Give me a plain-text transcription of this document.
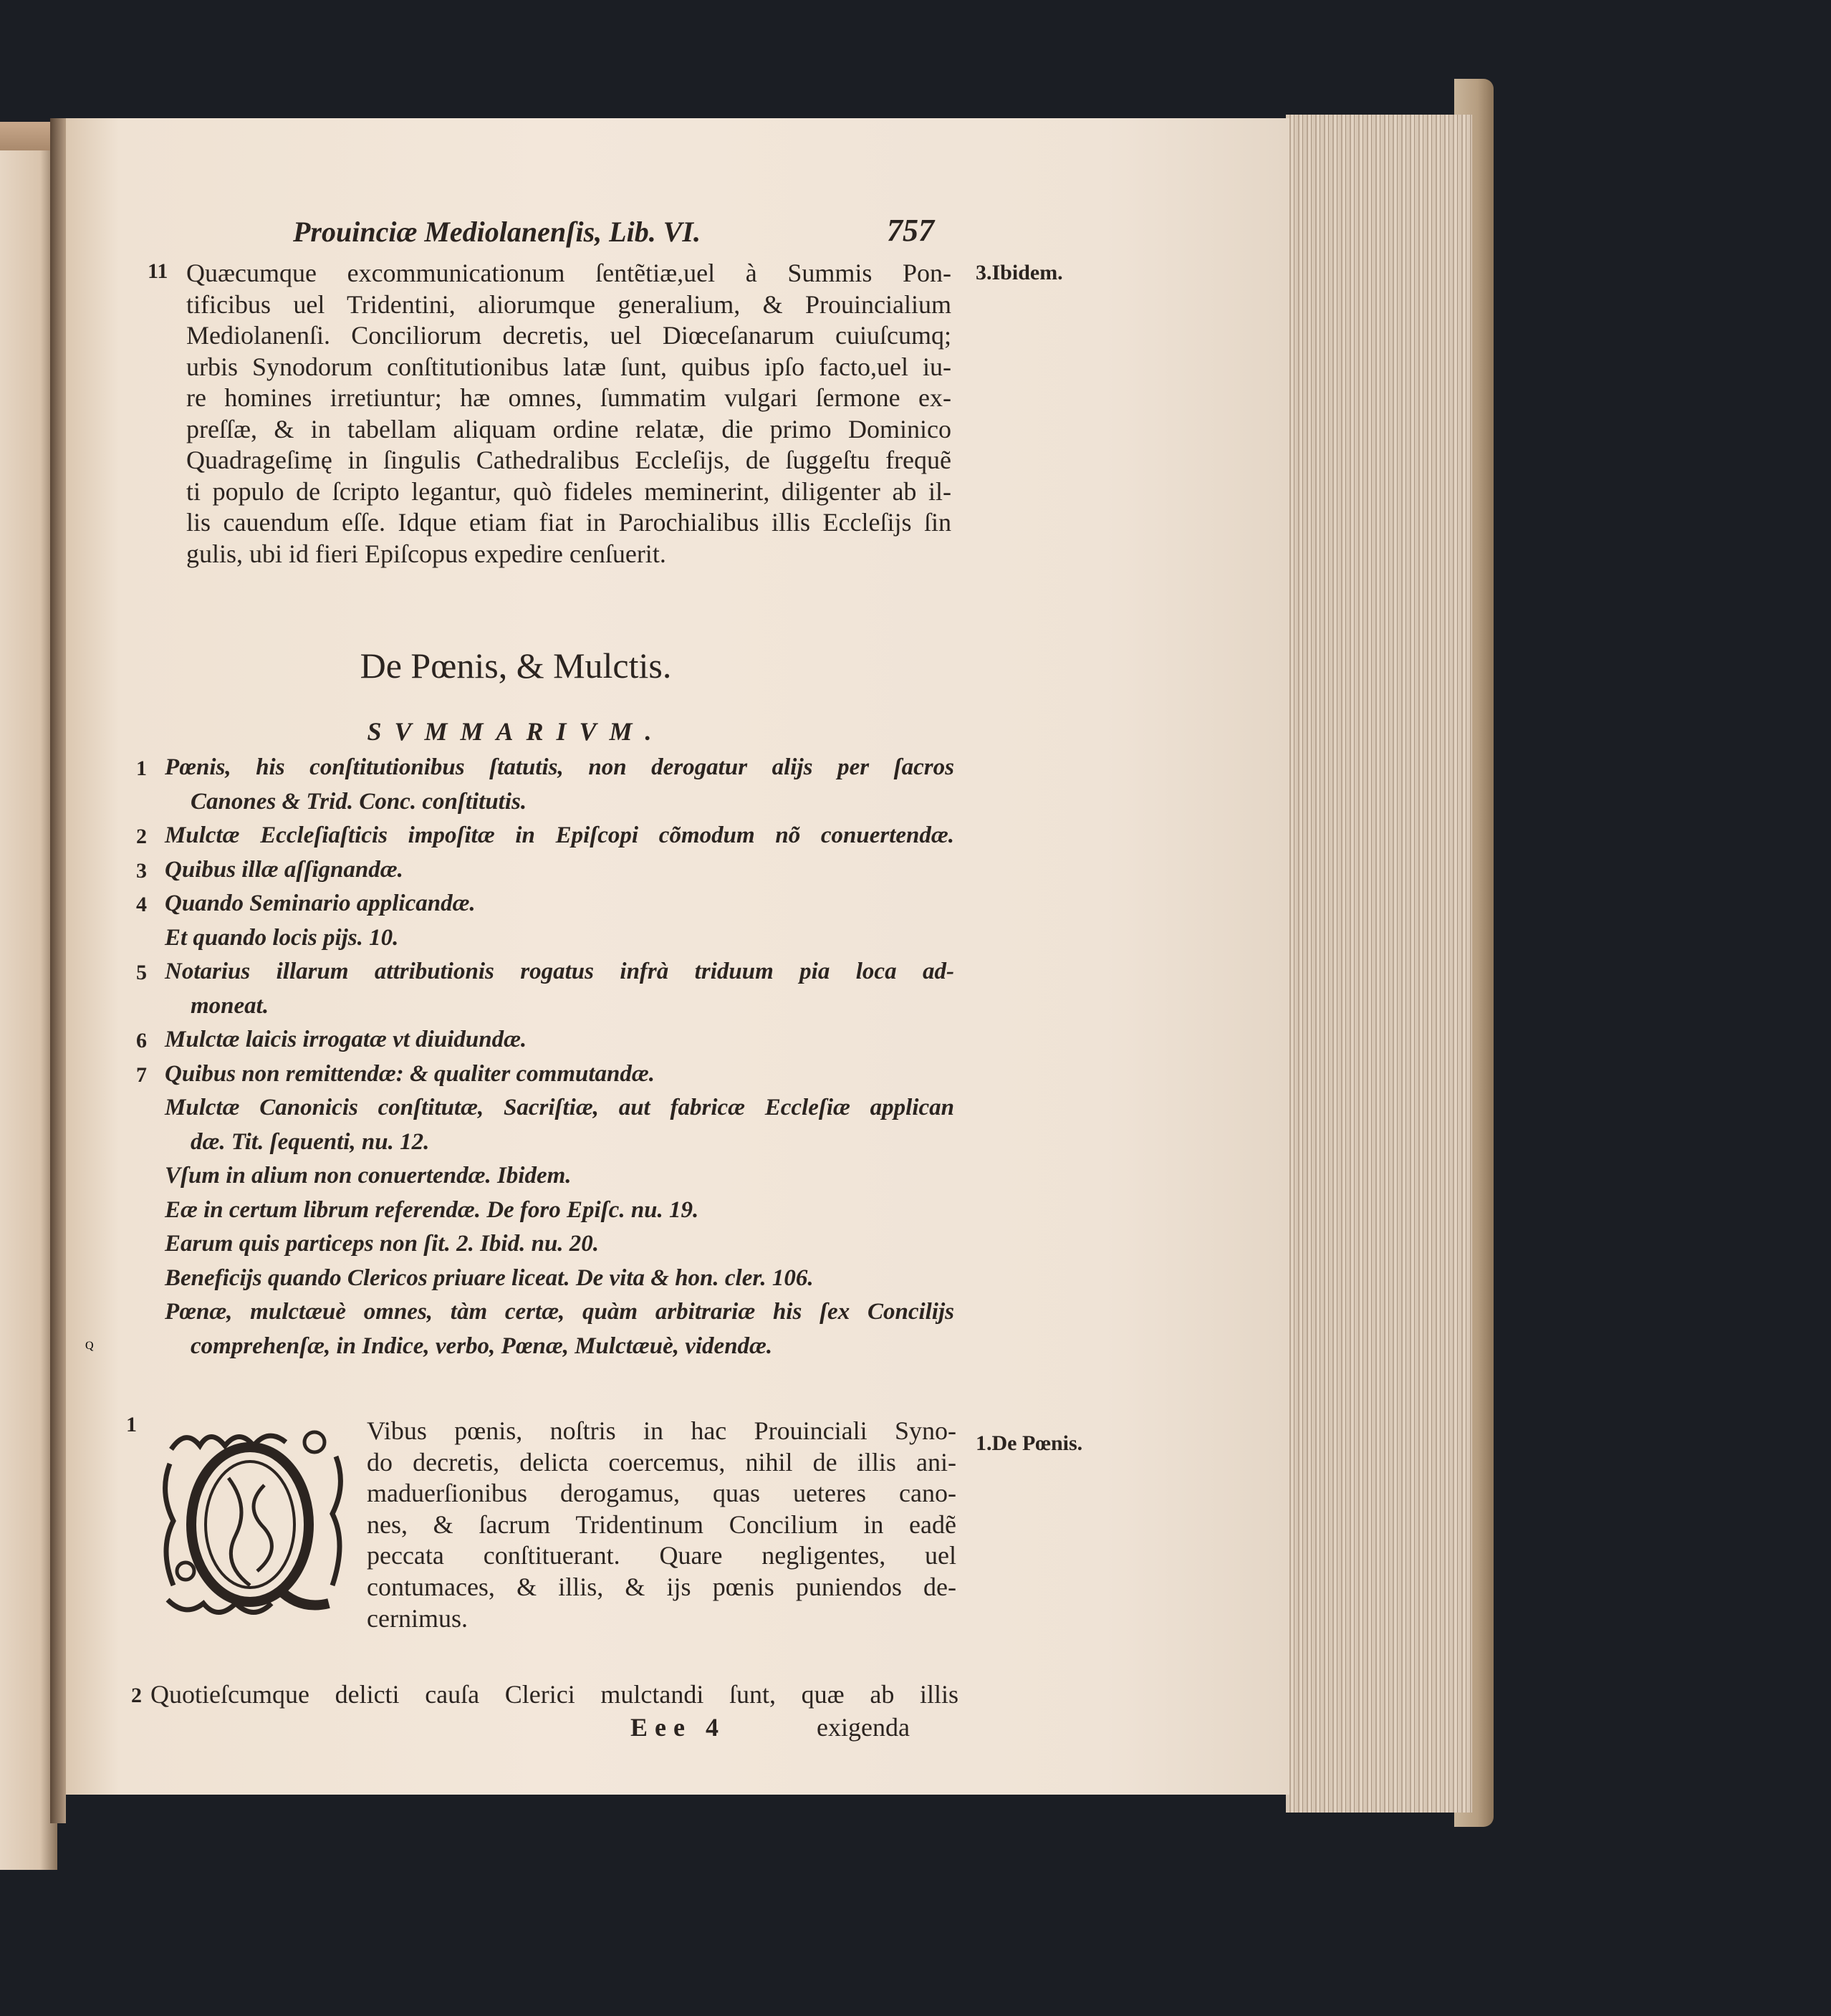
Prouinciæ Mediolanenſis, Lib. VI.	757
11	3.Ibidem.
Quæcumque excommunicationum ſentẽtiæ,uel à Summis Pon-
tificibus uel Tridentini, aliorumque generalium, & Prouincialium
Mediolanenſi. Conciliorum decretis, uel Diœceſanarum cuiuſcumq;
urbis Synodorum conſtitutionibus latæ ſunt, quibus ipſo facto,uel iu-
re homines irretiuntur; hæ omnes, ſummatim vulgari ſermone ex-
preſſæ, & in tabellam aliquam ordine relatæ, die primo Dominico
Quadrageſimę in ſingulis Cathedralibus Eccleſijs, de ſuggeſtu frequẽ
ti populo de ſcripto legantur, quò fideles meminerint, diligenter ab il-
lis cauendum eſſe. Idque etiam fiat in Parochialibus illis Eccleſijs ſin
gulis, ubi id fieri Epiſcopus expedire cenſuerit.
De Pœnis, & Mulctis.
SVMMARIVM.
1 Pœnis, his conſtitutionibus ſtatutis, non derogatur alijs per ſacros
Canones & Trid. Conc. conſtitutis.
2 Mulctæ Eccleſiaſticis impoſitæ in Epiſcopi cõmodum nõ conuertendæ.
3 Quibus illæ aſſignandæ.
4 Quando Seminario applicandæ.
Et quando locis pijs. 10.
5 Notarius illarum attributionis rogatus infrà triduum pia loca ad-
moneat.
6 Mulctæ laicis irrogatæ vt diuidundæ.
7 Quibus non remittendæ: & qualiter commutandæ.
Mulctæ Canonicis conſtitutæ, Sacriſtiæ, aut fabricæ Eccleſiæ applican
dæ. Tit. ſequenti, nu. 12.
Vſum in alium non conuertendæ. Ibidem.
Eæ in certum librum referendæ. De foro Epiſc. nu. 19.
Earum quis particeps non ſit. 2. Ibid. nu. 20.
Beneficijs quando Clericos priuare liceat. De vita & hon. cler. 106.
Pœnæ, mulctæuè omnes, tàm certæ, quàm arbitrariæ his ſex Concilijs
comprehenſæ, in Indice, verbo, Pœnæ, Mulctæuè, videndæ.
Q
1
1.De Pœnis.
Vibus pœnis, noſtris in hac Prouinciali Syno-
do decretis, delicta coercemus, nihil de illis ani-
maduerſionibus derogamus, quas ueteres cano-
nes, & ſacrum Tridentinum Concilium in eadẽ
peccata conſtituerant. Quare negligentes, uel
contumaces, & illis, & ijs pœnis puniendos de-
cernimus.
2 Quotieſcumque delicti cauſa Clerici mulctandi ſunt, quæ ab illis
Eee 4	exigenda
